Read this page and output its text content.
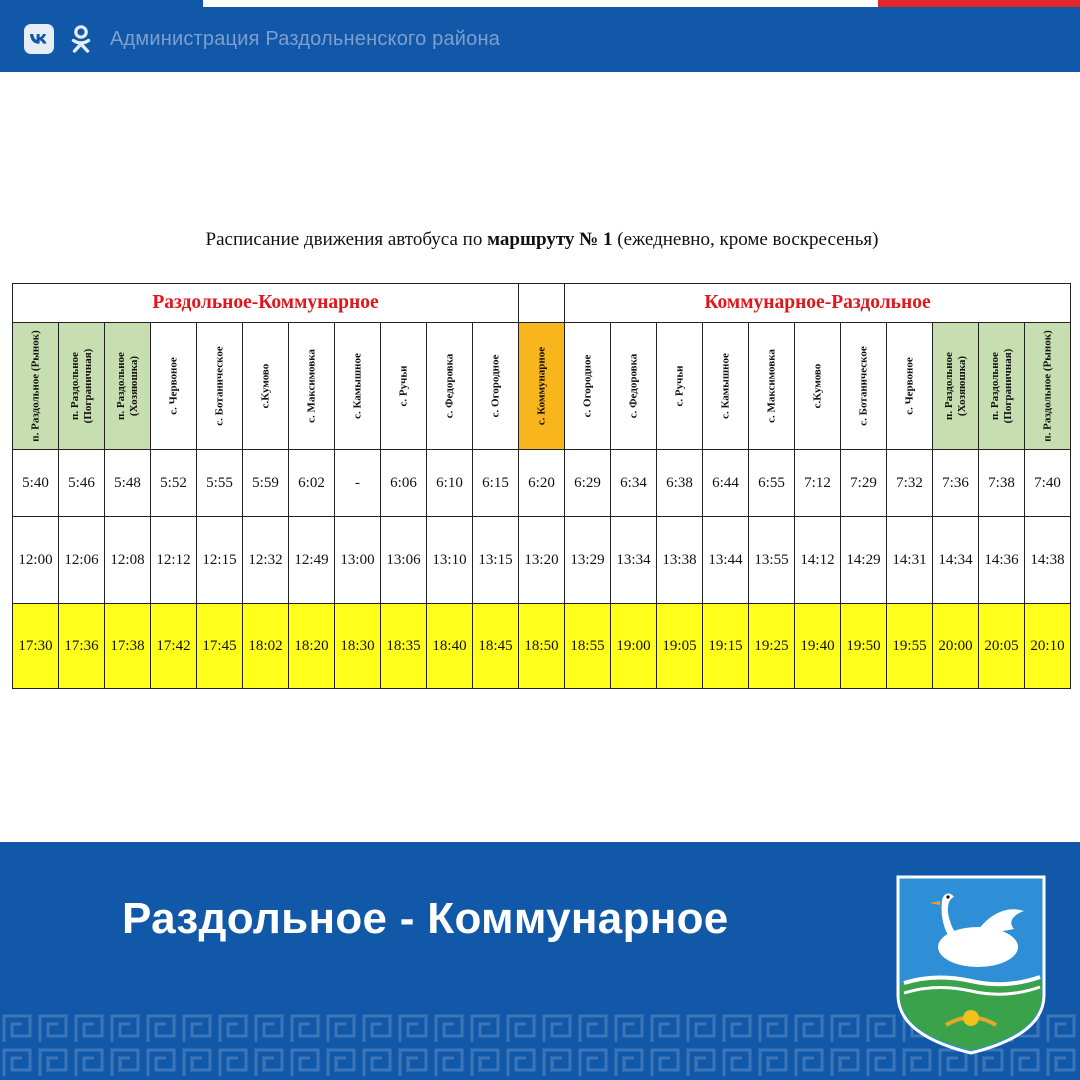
Администрация Раздольненского района
Расписание движения автобуса по маршруту № 1 (ежедневно, кроме воскресенья)
Раздольное-Коммунарное												Коммунарное-Раздольное										

п. Раздольное (Рынок)	п. Раздольное (Пограничная)	п. Раздольное (Хозяюшка)	с. Червоное	с. Ботаническое	с.Кумово	с. Максимовка	с. Камышное	с. Ручьи	с. Федоровка	с. Огородное	с. Коммунарное	с. Огородное	с. Федоровка	с. Ручьи	с. Камышное	с. Максимовка	с.Кумово	с. Ботаническое	с. Червоное	п. Раздольное (Хозяюшка)	п. Раздольное (Пограничная)	п. Раздольное (Рынок)

5:40	5:46	5:48	5:52	5:55	5:59	6:02	-	6:06	6:10	6:15	6:20	6:29	6:34	6:38	6:44	6:55	7:12	7:29	7:32	7:36	7:38	7:40
12:00	12:06	12:08	12:12	12:15	12:32	12:49	13:00	13:06	13:10	13:15	13:20	13:29	13:34	13:38	13:44	13:55	14:12	14:29	14:31	14:34	14:36	14:38
17:30	17:36	17:38	17:42	17:45	18:02	18:20	18:30	18:35	18:40	18:45	18:50	18:55	19:00	19:05	19:15	19:25	19:40	19:50	19:55	20:00	20:05	20:10
Раздольное - Коммунарное
